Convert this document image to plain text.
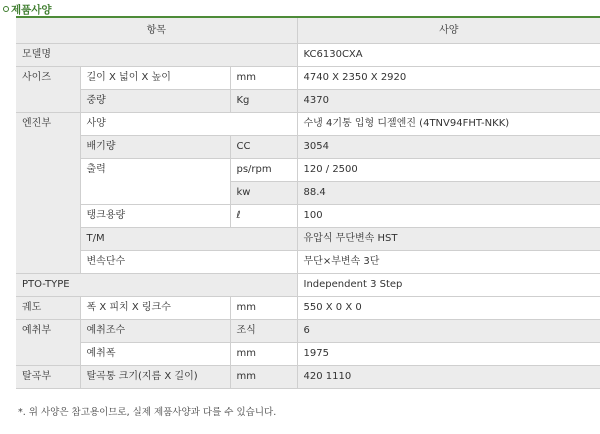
제품사양
항목			사양
모델명			KC6130CXA
사이즈	길이 X 넓이 X 높이	mm	4740 X 2350 X 2920
	중량	Kg	4370
엔진부	사양		수냉 4기통 입형 디젤엔진 (4TNV94FHT-NKK)
	배기량	CC	3054
	출력	ps/rpm	120 / 2500
		kw	88.4
	탱크용량	ℓ	100
	T/M		유압식 무단변속 HST
	변속단수		무단×부변속 3단
PTO-TYPE			Independent 3 Step
궤도	폭 X 피치 X 링크수	mm	550 X 0 X 0
예취부	예취조수	조식	6
	예취폭	mm	1975
탈곡부	탈곡통 크기(지름 X 길이)	mm	420 1110
*. 위 사양은 참고용이므로, 실제 제품사양과 다를 수 있습니다.
